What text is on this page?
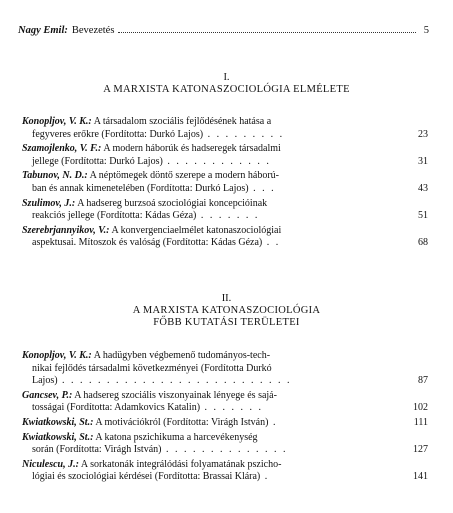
Nagy Emil: Bevezetés	5
I.
A MARXISTA KATONASZOCIOLÓGIA ELMÉLETE
Konopljov, V. K.: A társadalom szociális fejlődésének hatása a
fegyveres erőkre (Fordította: Durkó Lajos) . . . . . . . . .	23
Szamojlenko, V. F.: A modern háborúk és hadseregek társadalmi
jellege (Fordította: Durkó Lajos) . . . . . . . . . . . .	31
Tabunov, N. D.: A néptömegek döntő szerepe a modern háború-
ban és annak kimenetelében (Fordította: Durkó Lajos) . . .	43
Szulimov, J.: A hadsereg burzsoá szociológiai koncepcióinak
reakciós jellege (Fordította: Kádas Géza) . . . . . . .	51
Szerebrjannyikov, V.: A konvergenciaelmélet katonaszociológiai
aspektusai. Mítoszok és valóság (Fordította: Kádas Géza) . .	68
II.
A MARXISTA KATONASZOCIOLÓGIA
FŐBB KUTATÁSI TERÜLETEI
Konopljov, V. K.: A hadügyben végbemenő tudományos-tech-
nikai fejlődés társadalmi következményei (Fordította Durkó
Lajos) . . . . . . . . . . . . . . . . . . . . . . . . . .	87
Gancsev, P.: A hadsereg szociális viszonyainak lényege és sajá-
tosságai (Fordította: Adamkovics Katalin) . . . . . . .	102
Kwiatkowski, St.: A motivációkról (Fordította: Virágh István) .	111
Kwiatkowski, St.: A katona pszichikuma a harcevékenység
során (Fordította: Virágh István) . . . . . . . . . . . . . .	127
Niculescu, J.: A sorkatonák integrálódási folyamatának pszicho-
lógiai és szociológiai kérdései (Fordította: Brassai Klára) .	141
